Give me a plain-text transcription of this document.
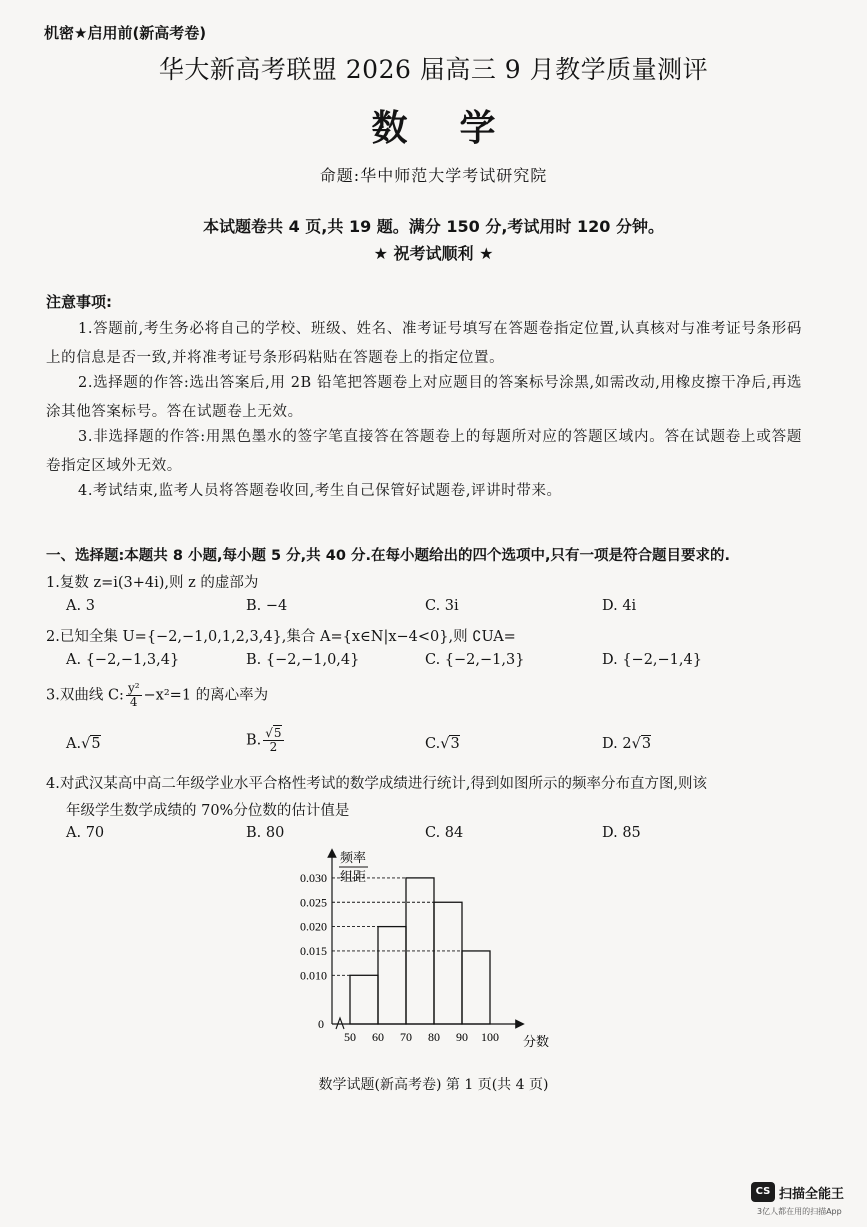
机密★启用前(新高考卷)
华大新高考联盟 2026 届高三 9 月教学质量测评
数学
命题:华中师范大学考试研究院
本试题卷共 4 页,共 19 题。满分 150 分,考试用时 120 分钟。
★ 祝考试顺利 ★
注意事项:
1.答题前,考生务必将自己的学校、班级、姓名、准考证号填写在答题卷指定位置,认真核对与准考证号条形码上的信息是否一致,并将准考证号条形码粘贴在答题卷上的指定位置。
2.选择题的作答:选出答案后,用 2B 铅笔把答题卷上对应题目的答案标号涂黑,如需改动,用橡皮擦干净后,再选涂其他答案标号。答在试题卷上无效。
3.非选择题的作答:用黑色墨水的签字笔直接答在答题卷上的每题所对应的答题区域内。答在试题卷上或答题卷指定区域外无效。
4.考试结束,监考人员将答题卷收回,考生自己保管好试题卷,评讲时带来。
一、选择题:本题共 8 小题,每小题 5 分,共 40 分.在每小题给出的四个选项中,只有一项是符合题目要求的.
1.复数 z=i(3+4i),则 z 的虚部为
A. 3	B. −4	C. 3i	D. 4i
2.已知全集 U={−2,−1,0,1,2,3,4},集合 A={x∈N|x−4<0},则 ∁UA=
A. {−2,−1,3,4}	B. {−2,−1,0,4}	C. {−2,−1,3}	D. {−2,−1,4}
3.双曲线 C: $\frac{\text{y²}}{4} -x^2=1$ 的离心率为
A.√5	B. $\frac{√5}{2}$	C.√3	D. 2√3
4.对武汉某高中高二年级学业水平合格性考试的数学成绩进行统计,得到如图所示的频率分布直方图,则该
年级学生数学成绩的 70%分位数的估计值是
A. 70	B. 80	C. 84	D. 85
0.030
0.025
0.020
0.015
0.010
0
50 60 70 80 90 100
频率
组距
分数
数学试题(新高考卷) 第 1 页(共 4 页)
CS 扫描全能王
3亿人都在用的扫描App
